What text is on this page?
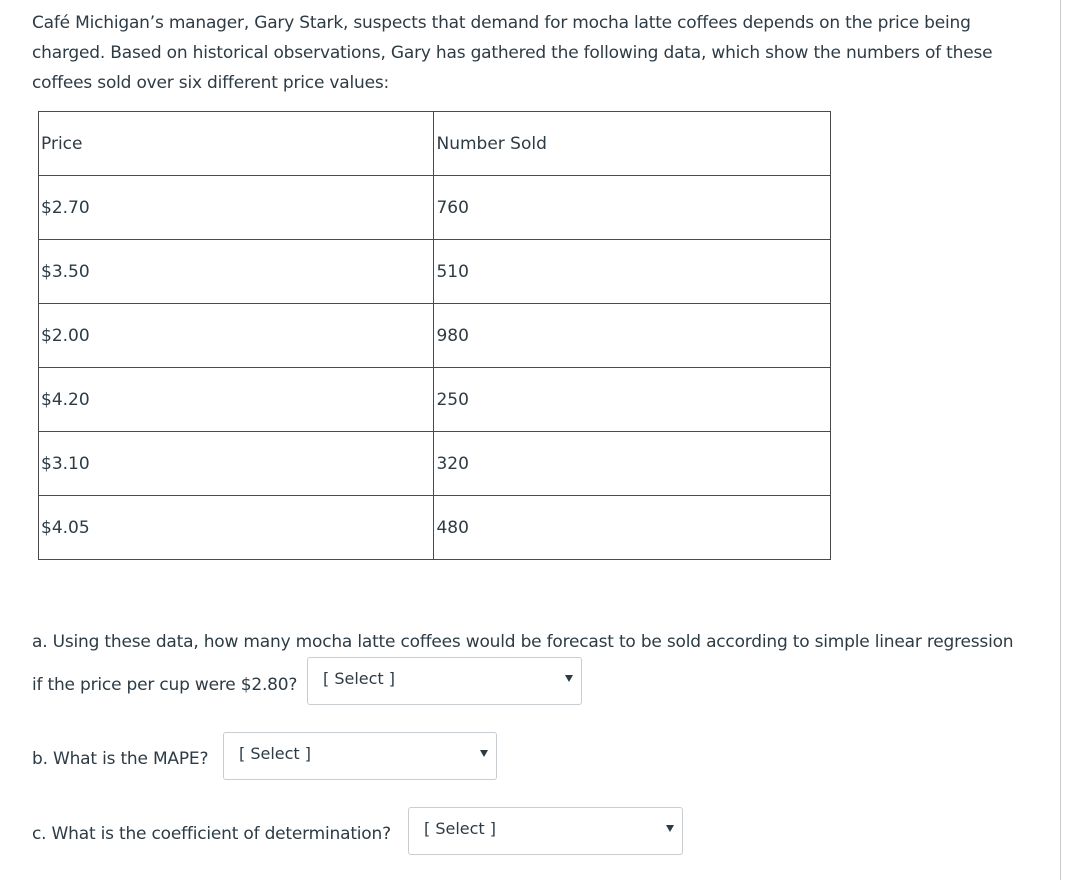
Café Michigan’s manager, Gary Stark, suspects that demand for mocha latte coffees depends on the price being charged. Based on historical observations, Gary has gathered the following data, which show the numbers of these coffees sold over six different price values:

Price	Number Sold
$2.70	760
$3.50	510
$2.00	980
$4.20	250
$3.10	320
$4.05	480

a. Using these data, how many mocha latte coffees would be forecast to be sold according to simple linear regression

if the price per cup were $2.80? [ Select ]

b. What is the MAPE? [ Select ]

c. What is the coefficient of determination? [ Select ]
